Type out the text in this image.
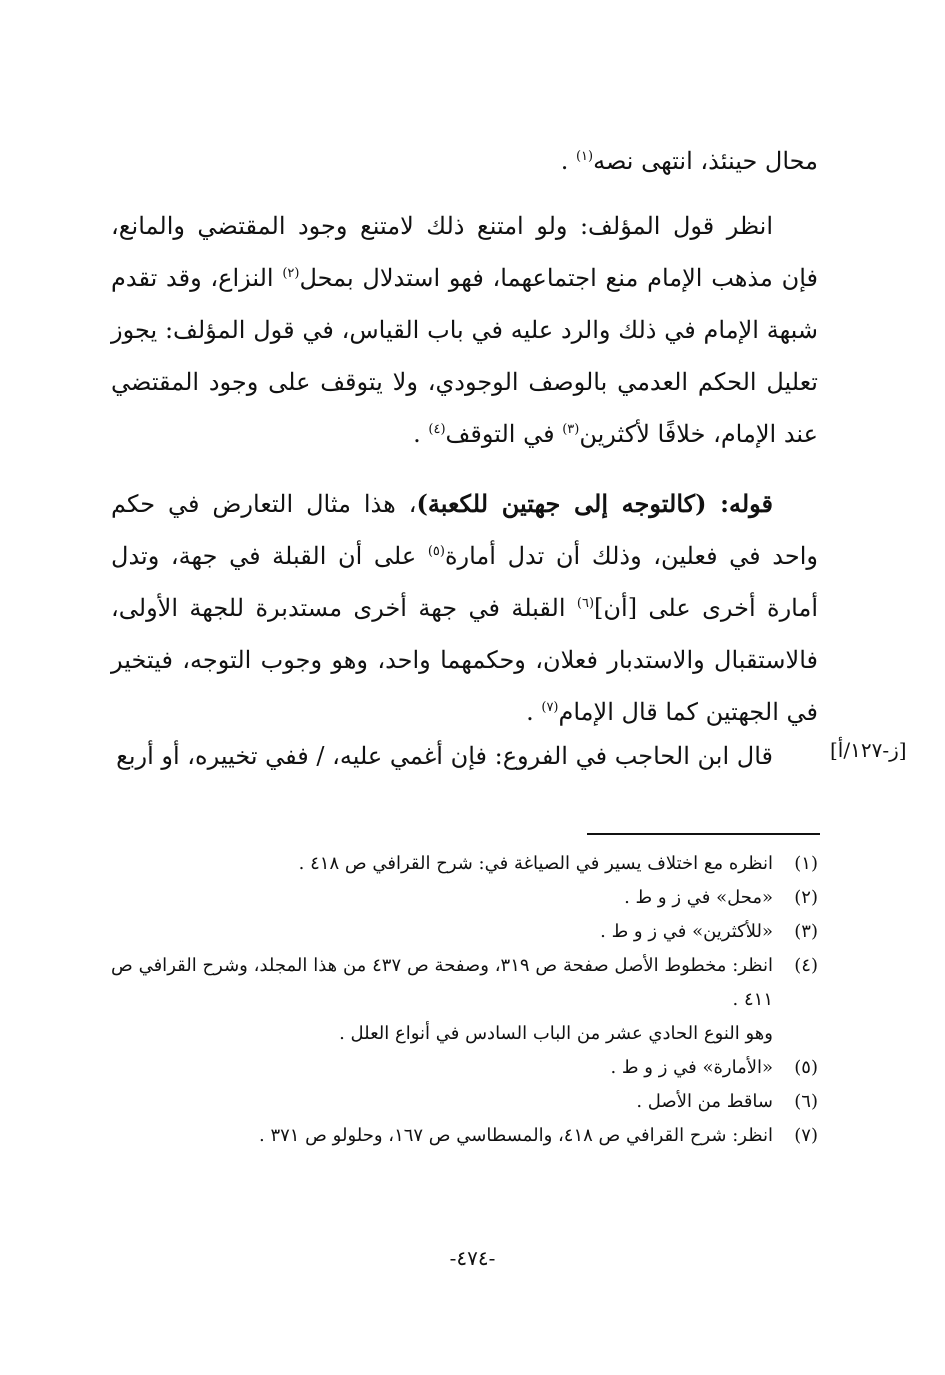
محال حينئذ، انتهى نصه$^{(١)}$ .

انظر قول المؤلف: ولو امتنع ذلك لامتنع وجود المقتضي والمانع، فإن مذهب الإمام منع اجتماعهما، فهو استدلال بمحل$^{(٢)}$ النزاع، وقد تقدم شبهة الإمام في ذلك والرد عليه في باب القياس، في قول المؤلف: يجوز تعليل الحكم العدمي بالوصف الوجودي، ولا يتوقف على وجود المقتضي عند الإمام، خلافًا لأكثرين$^{(٣)}$ في التوقف$^{(٤)}$ .

قوله: (كالتوجه إلى جهتين للكعبة)، هذا مثال التعارض في حكم واحد في فعلين، وذلك أن تدل أمارة$^{(٥)}$ على أن القبلة في جهة، وتدل أمارة أخرى على [أن]$^{(٦)}$ القبلة في جهة أخرى مستدبرة للجهة الأولى، فالاستقبال والاستدبار فعلان، وحكمهما واحد، وهو وجوب التوجه، فيتخير في الجهتين كما قال الإمام$^{(٧)}$ .

قال ابن الحاجب في الفروع: فإن أغمي عليه، / ففي تخييره، أو أربع	[ز-١٢٧/أ]
(١)
انظره مع اختلاف يسير في الصياغة في: شرح القرافي ص ٤١٨ .
(٢)
«محل» في ز و ط .
(٣)
«للأكثرين» في ز و ط .
(٤)
انظر: مخطوط الأصل صفحة ص ٣١٩، وصفحة ص ٤٣٧ من هذا المجلد، وشرح القرافي ص ٤١١ .
وهو النوع الحادي عشر من الباب السادس في أنواع العلل .
(٥)
«الأمارة» في ز و ط .
(٦)
ساقط من الأصل .
(٧)
انظر: شرح القرافي ص ٤١٨، والمسطاسي ص ١٦٧، وحلولو ص ٣٧١ .
-٤٧٤-
